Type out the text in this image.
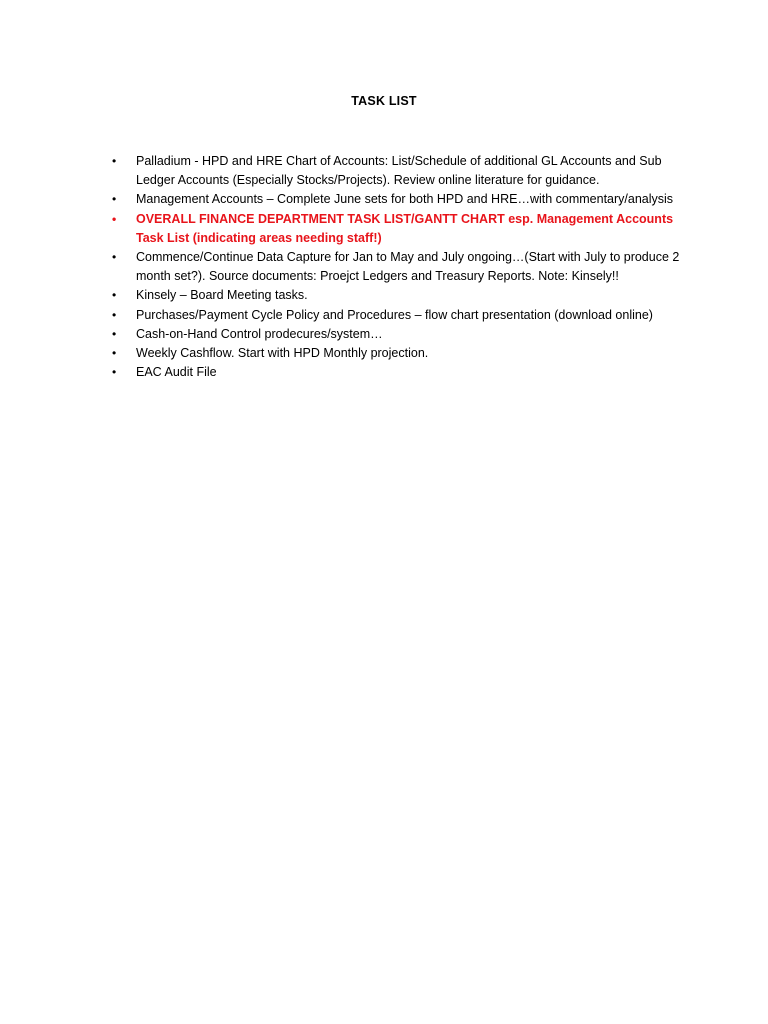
TASK LIST
•	Palladium - HPD and HRE Chart of Accounts: List/Schedule of additional GL Accounts and Sub Ledger Accounts (Especially Stocks/Projects). Review online literature for guidance.
•	Management Accounts – Complete June sets for both HPD and HRE…with commentary/analysis
•	OVERALL FINANCE DEPARTMENT TASK LIST/GANTT CHART esp. Management Accounts Task List (indicating areas needing staff!)
•	Commence/Continue Data Capture for Jan to May and July ongoing…(Start with July to produce 2 month set?). Source documents: Proejct Ledgers and Treasury Reports. Note: Kinsely!!
•	Kinsely – Board Meeting tasks.
•	Purchases/Payment Cycle Policy and Procedures – flow chart presentation (download online)
•	Cash-on-Hand Control prodecures/system…
•	Weekly Cashflow. Start with HPD Monthly projection.
•	EAC Audit File
